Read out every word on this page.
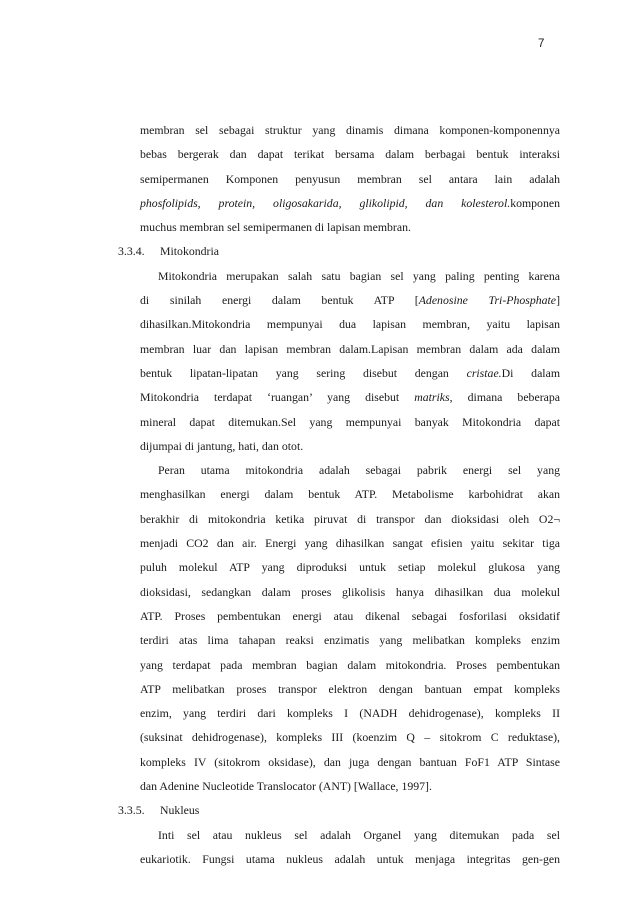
7
membran sel sebagai struktur yang dinamis dimana komponen-komponennya
bebas bergerak dan dapat terikat bersama dalam berbagai bentuk interaksi
semipermanen Komponen penyusun membran sel antara lain adalah
phosfolipids, protein, oligosakarida, glikolipid, dan kolesterol.komponen
muchus membran sel semipermanen di lapisan membran.
3.3.4. Mitokondria
Mitokondria merupakan salah satu bagian sel yang paling penting karena
di sinilah energi dalam bentuk ATP [Adenosine Tri-Phosphate]
dihasilkan.Mitokondria mempunyai dua lapisan membran, yaitu lapisan
membran luar dan lapisan membran dalam.Lapisan membran dalam ada dalam
bentuk lipatan-lipatan yang sering disebut dengan cristae.Di dalam
Mitokondria terdapat ‘ruangan’ yang disebut matriks, dimana beberapa
mineral dapat ditemukan.Sel yang mempunyai banyak Mitokondria dapat
dijumpai di jantung, hati, dan otot.
Peran utama mitokondria adalah sebagai pabrik energi sel yang
menghasilkan energi dalam bentuk ATP. Metabolisme karbohidrat akan
berakhir di mitokondria ketika piruvat di transpor dan dioksidasi oleh O2¬
menjadi CO2 dan air. Energi yang dihasilkan sangat efisien yaitu sekitar tiga
puluh molekul ATP yang diproduksi untuk setiap molekul glukosa yang
dioksidasi, sedangkan dalam proses glikolisis hanya dihasilkan dua molekul
ATP. Proses pembentukan energi atau dikenal sebagai fosforilasi oksidatif
terdiri atas lima tahapan reaksi enzimatis yang melibatkan kompleks enzim
yang terdapat pada membran bagian dalam mitokondria. Proses pembentukan
ATP melibatkan proses transpor elektron dengan bantuan empat kompleks
enzim, yang terdiri dari kompleks I (NADH dehidrogenase), kompleks II
(suksinat dehidrogenase), kompleks III (koenzim Q – sitokrom C reduktase),
kompleks IV (sitokrom oksidase), dan juga dengan bantuan FoF1 ATP Sintase
dan Adenine Nucleotide Translocator (ANT) [Wallace, 1997].
3.3.5. Nukleus
Inti sel atau nukleus sel adalah Organel yang ditemukan pada sel
eukariotik. Fungsi utama nukleus adalah untuk menjaga integritas gen-gen
